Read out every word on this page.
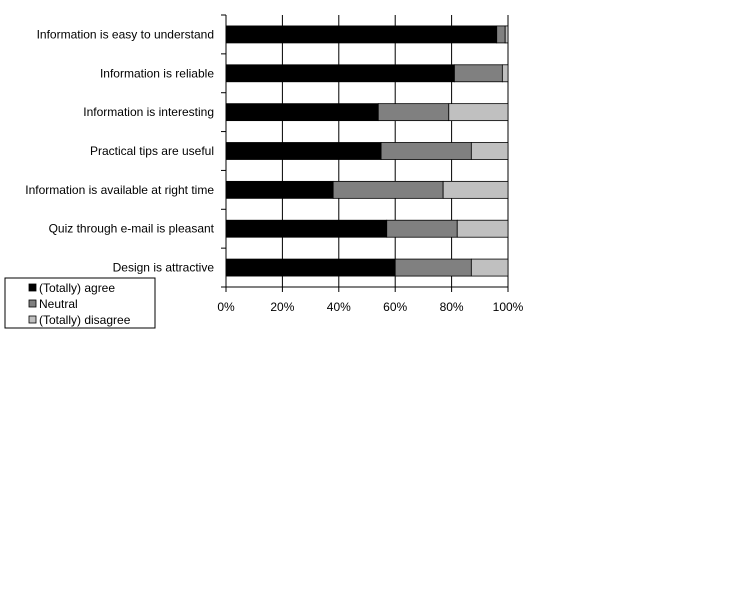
Information is easy to understand
Information is reliable
Information is interesting
Practical tips are useful
Information is available at right time
Quiz through e-mail is pleasant
Design is attractive
0%	20%	40%	60%	80% 100%
(Totally) agree
Neutral
(Totally) disagree
